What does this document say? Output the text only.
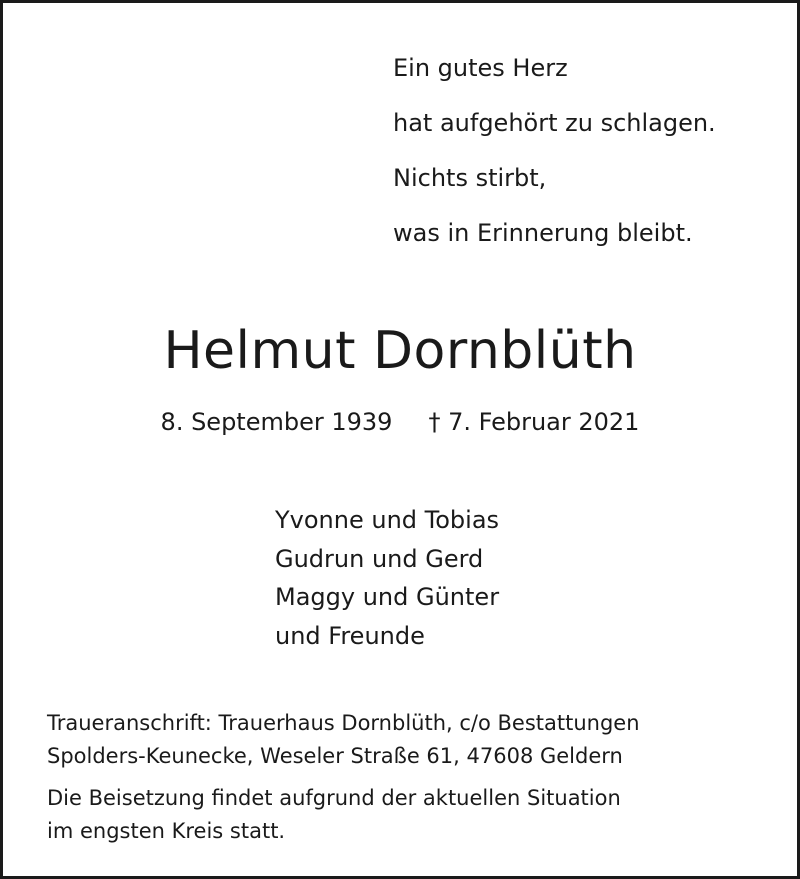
Ein gutes Herz
hat aufgehört zu schlagen.
Nichts stirbt,
was in Erinnerung bleibt.
Helmut Dornblüth
8. September 1939 † 7. Februar 2021
Yvonne und Tobias
Gudrun und Gerd
Maggy und Günter
und Freunde
Traueranschrift: Trauerhaus Dornblüth, c/o Bestattungen
Spolders-Keunecke, Weseler Straße 61, 47608 Geldern
Die Beisetzung findet aufgrund der aktuellen Situation
im engsten Kreis statt.
